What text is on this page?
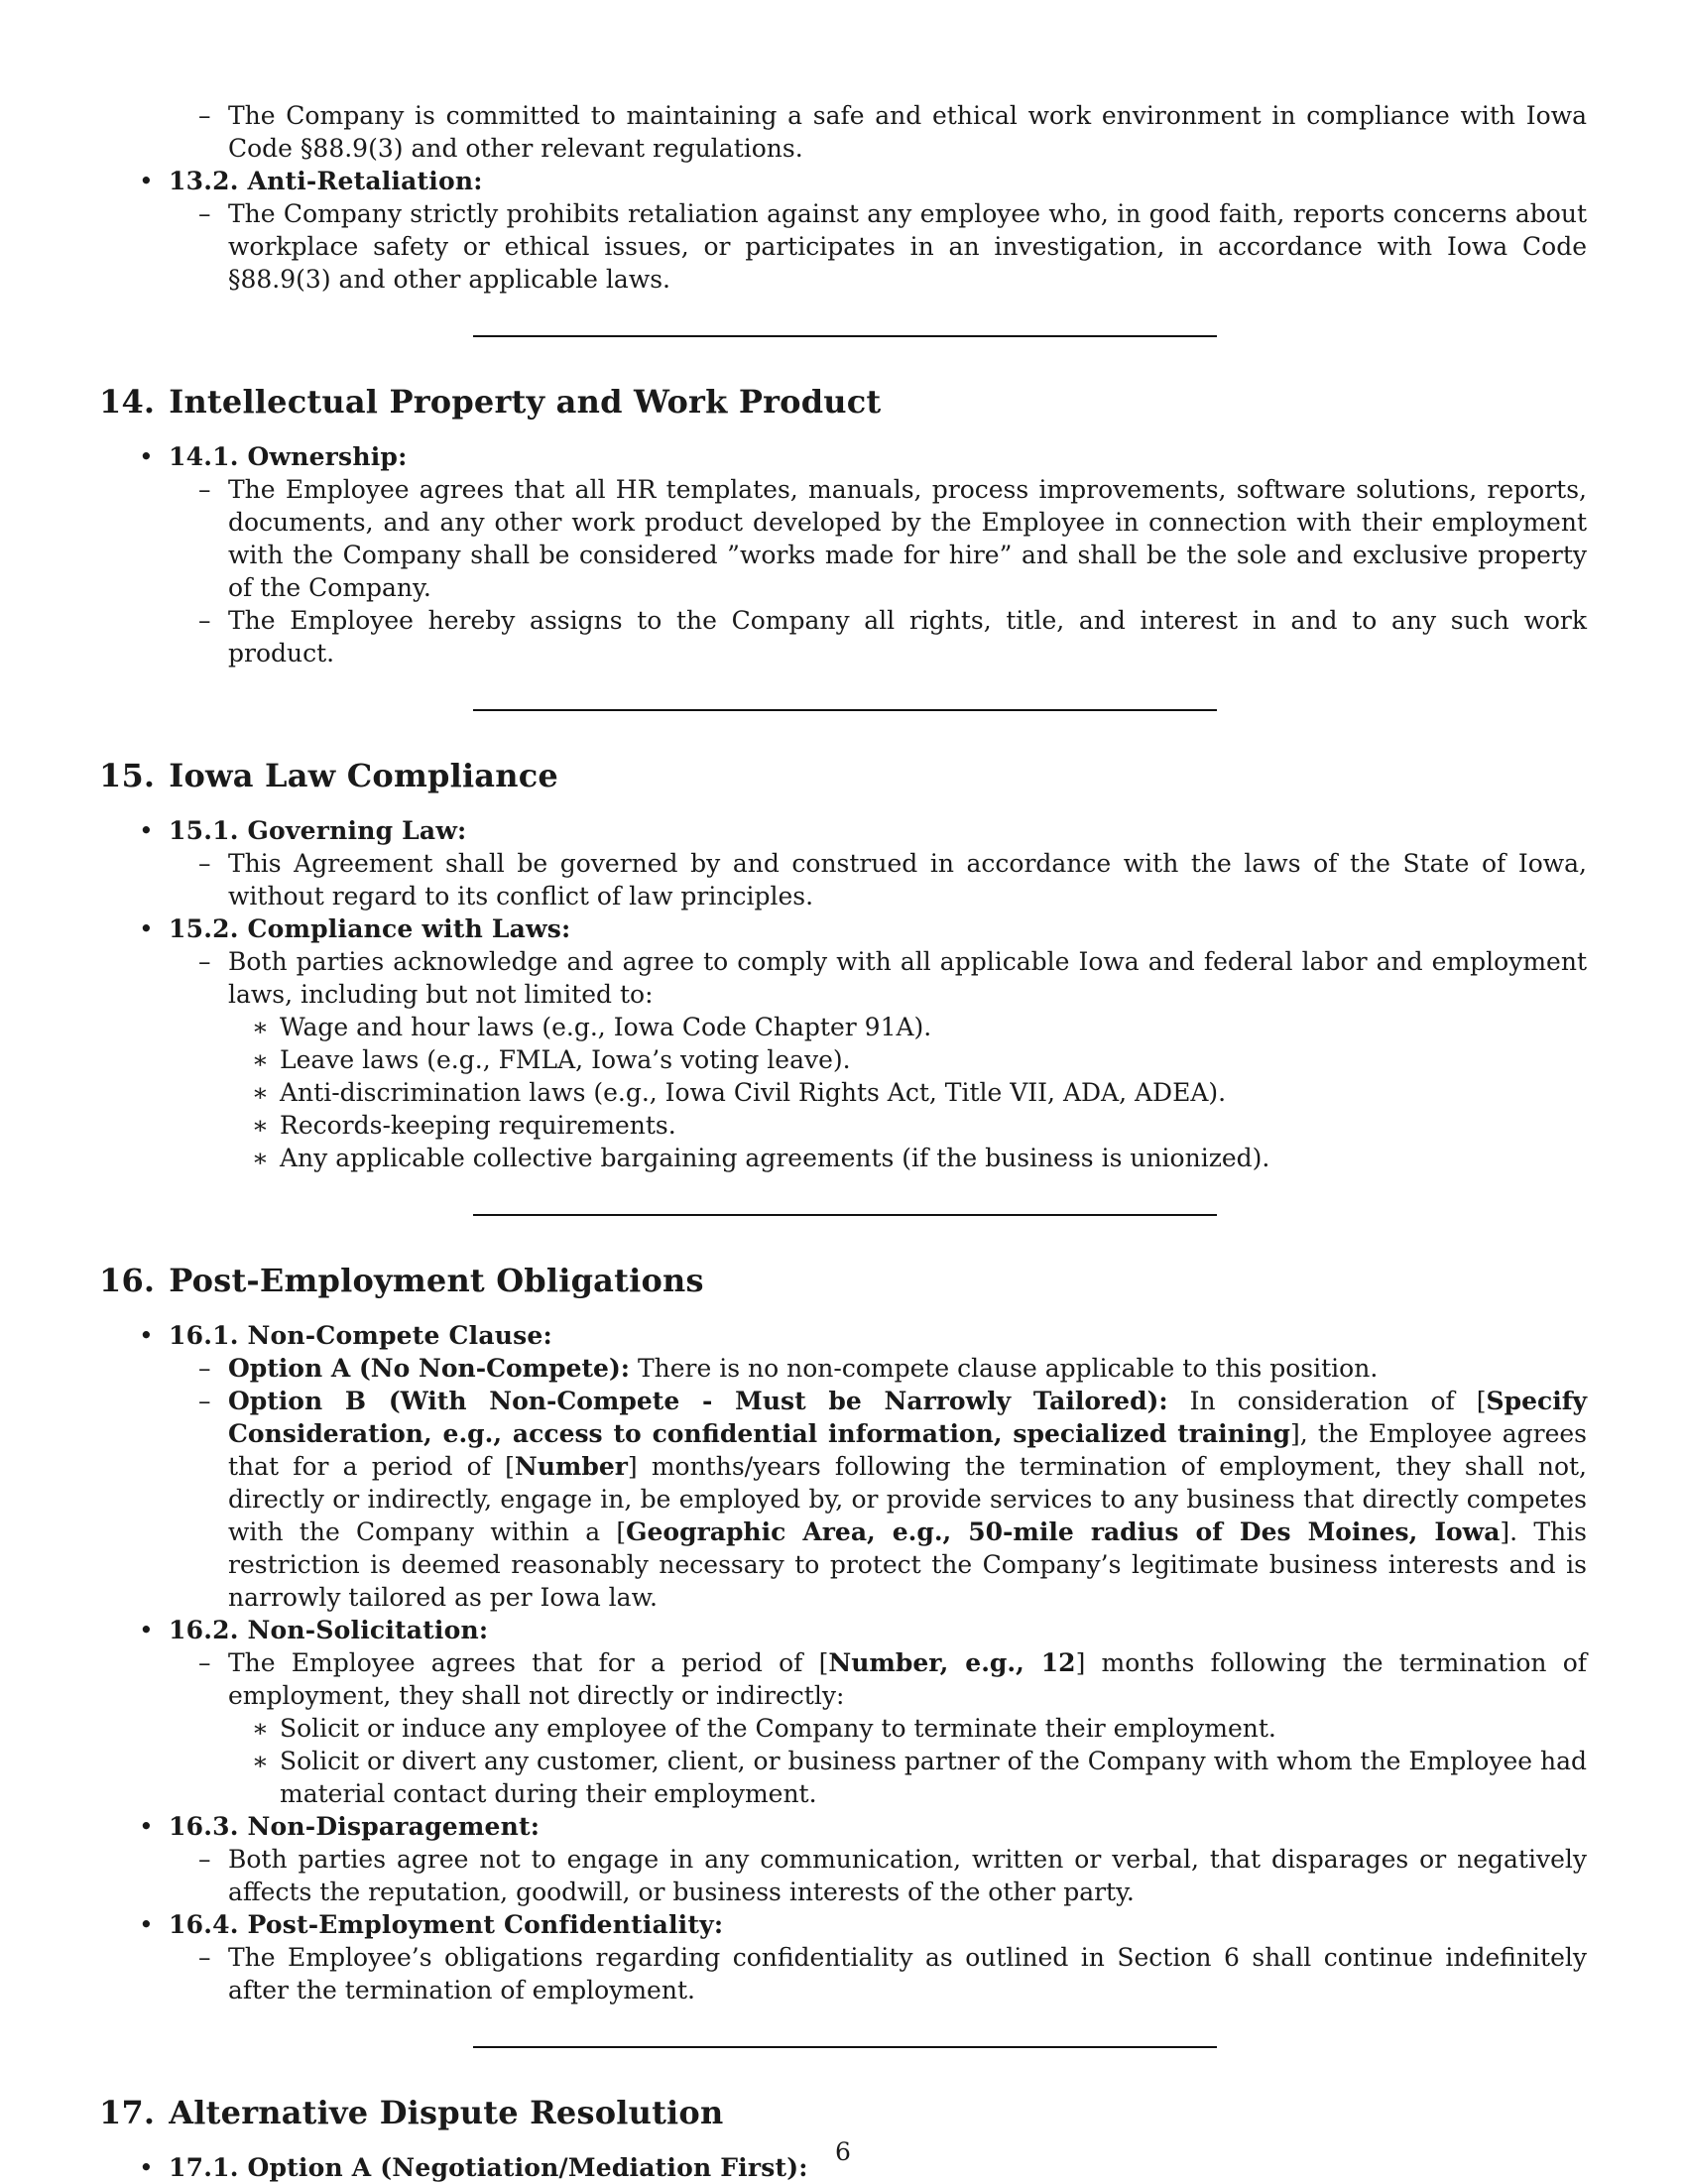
– The Company is committed to maintaining a safe and ethical work environment in compliance with Iowa Code §88.9(3) and other relevant regulations.
• 13.2. Anti-Retaliation:
– The Company strictly prohibits retaliation against any employee who, in good faith, reports concerns about workplace safety or ethical issues, or participates in an investigation, in accordance with Iowa Code §88.9(3) and other applicable laws.
14. Intellectual Property and Work Product
• 14.1. Ownership:
– The Employee agrees that all HR templates, manuals, process improvements, software solutions, reports, documents, and any other work product developed by the Employee in connection with their employment with the Company shall be considered ”works made for hire” and shall be the sole and exclusive property of the Company.
– The Employee hereby assigns to the Company all rights, title, and interest in and to any such work product.
15. Iowa Law Compliance
• 15.1. Governing Law:
– This Agreement shall be governed by and construed in accordance with the laws of the State of Iowa, without regard to its conflict of law principles.
• 15.2. Compliance with Laws:
– Both parties acknowledge and agree to comply with all applicable Iowa and federal labor and employment laws, including but not limited to:
∗ Wage and hour laws (e.g., Iowa Code Chapter 91A).
∗ Leave laws (e.g., FMLA, Iowa’s voting leave).
∗ Anti-discrimination laws (e.g., Iowa Civil Rights Act, Title VII, ADA, ADEA).
∗ Records-keeping requirements.
∗ Any applicable collective bargaining agreements (if the business is unionized).
16. Post-Employment Obligations
• 16.1. Non-Compete Clause:
– Option A (No Non-Compete): There is no non-compete clause applicable to this position.
– Option B (With Non-Compete - Must be Narrowly Tailored): In consideration of [Specify Consideration, e.g., access to confidential information, specialized training], the Employee agrees that for a period of [Number] months/years following the termination of employment, they shall not, directly or indirectly, engage in, be employed by, or provide services to any business that directly competes with the Company within a [Geographic Area, e.g., 50-mile radius of Des Moines, Iowa]. This restriction is deemed reasonably necessary to protect the Company’s legitimate business interests and is narrowly tailored as per Iowa law.
• 16.2. Non-Solicitation:
– The Employee agrees that for a period of [Number, e.g., 12] months following the termination of employment, they shall not directly or indirectly:
∗ Solicit or induce any employee of the Company to terminate their employment.
∗ Solicit or divert any customer, client, or business partner of the Company with whom the Employee had material contact during their employment.
• 16.3. Non-Disparagement:
– Both parties agree not to engage in any communication, written or verbal, that disparages or negatively affects the reputation, goodwill, or business interests of the other party.
• 16.4. Post-Employment Confidentiality:
– The Employee’s obligations regarding confidentiality as outlined in Section 6 shall continue indefinitely after the termination of employment.
17. Alternative Dispute Resolution
• 17.1. Option A (Negotiation/Mediation First):
6
